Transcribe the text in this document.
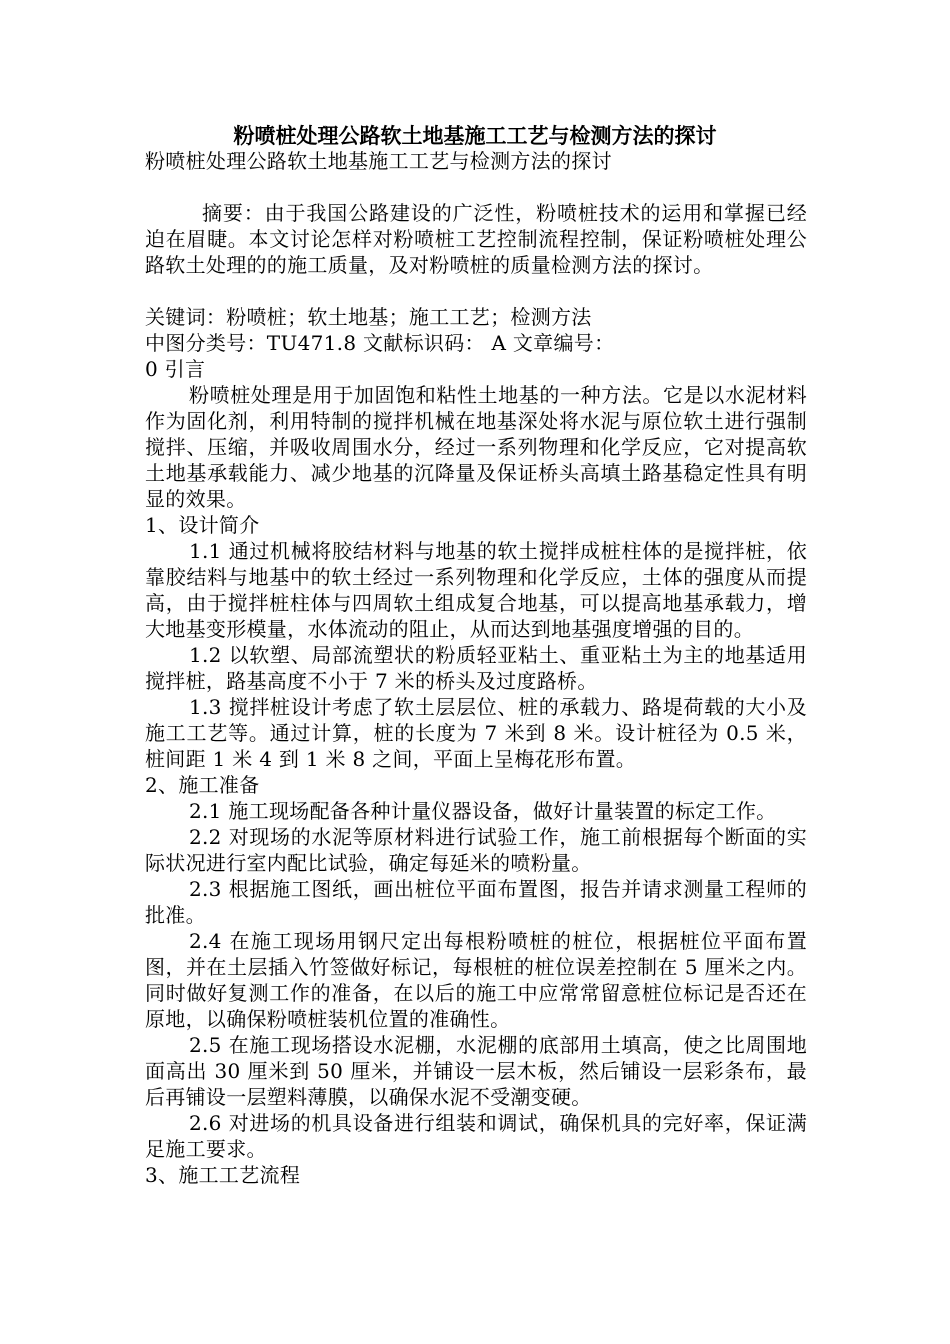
粉喷桩处理公路软土地基施工工艺与检测方法的探讨

粉喷桩处理公路软土地基施工工艺与检测方法的探讨

摘要：由于我国公路建设的广泛性，粉喷桩技术的运用和掌握已经迫在眉睫。本文讨论怎样对粉喷桩工艺控制流程控制，保证粉喷桩处理公路软土处理的的施工质量，及对粉喷桩的质量检测方法的探讨。

关键词：粉喷桩；软土地基；施工工艺；检测方法

中图分类号：TU471.8 文献标识码： A 文章编号：

0 引言

粉喷桩处理是用于加固饱和粘性土地基的一种方法。它是以水泥材料作为固化剂，利用特制的搅拌机械在地基深处将水泥与原位软土进行强制搅拌、压缩，并吸收周围水分，经过一系列物理和化学反应，它对提高软土地基承载能力、减少地基的沉降量及保证桥头高填土路基稳定性具有明显的效果。

1、设计简介

1.1 通过机械将胶结材料与地基的软土搅拌成桩柱体的是搅拌桩，依靠胶结料与地基中的软土经过一系列物理和化学反应，土体的强度从而提高，由于搅拌桩柱体与四周软土组成复合地基，可以提高地基承载力，增大地基变形模量，水体流动的阻止，从而达到地基强度增强的目的。

1.2 以软塑、局部流塑状的粉质轻亚粘土、重亚粘土为主的地基适用搅拌桩，路基高度不小于 7 米的桥头及过度路桥。

1.3 搅拌桩设计考虑了软土层层位、桩的承载力、路堤荷载的大小及施工工艺等。通过计算，桩的长度为 7 米到 8 米。设计桩径为 0.5 米，桩间距 1 米 4 到 1 米 8 之间，平面上呈梅花形布置。

2、施工准备

2.1 施工现场配备各种计量仪器设备，做好计量装置的标定工作。

2.2 对现场的水泥等原材料进行试验工作，施工前根据每个断面的实际状况进行室内配比试验，确定每延米的喷粉量。

2.3 根据施工图纸，画出桩位平面布置图，报告并请求测量工程师的批准。

2.4 在施工现场用钢尺定出每根粉喷桩的桩位，根据桩位平面布置图，并在土层插入竹签做好标记，每根桩的桩位误差控制在 5 厘米之内。同时做好复测工作的准备，在以后的施工中应常常留意桩位标记是否还在原地，以确保粉喷桩装机位置的准确性。

2.5 在施工现场搭设水泥棚，水泥棚的底部用土填高，使之比周围地面高出 30 厘米到 50 厘米，并铺设一层木板，然后铺设一层彩条布，最后再铺设一层塑料薄膜，以确保水泥不受潮变硬。

2.6 对进场的机具设备进行组装和调试，确保机具的完好率，保证满足施工要求。

3、施工工艺流程
